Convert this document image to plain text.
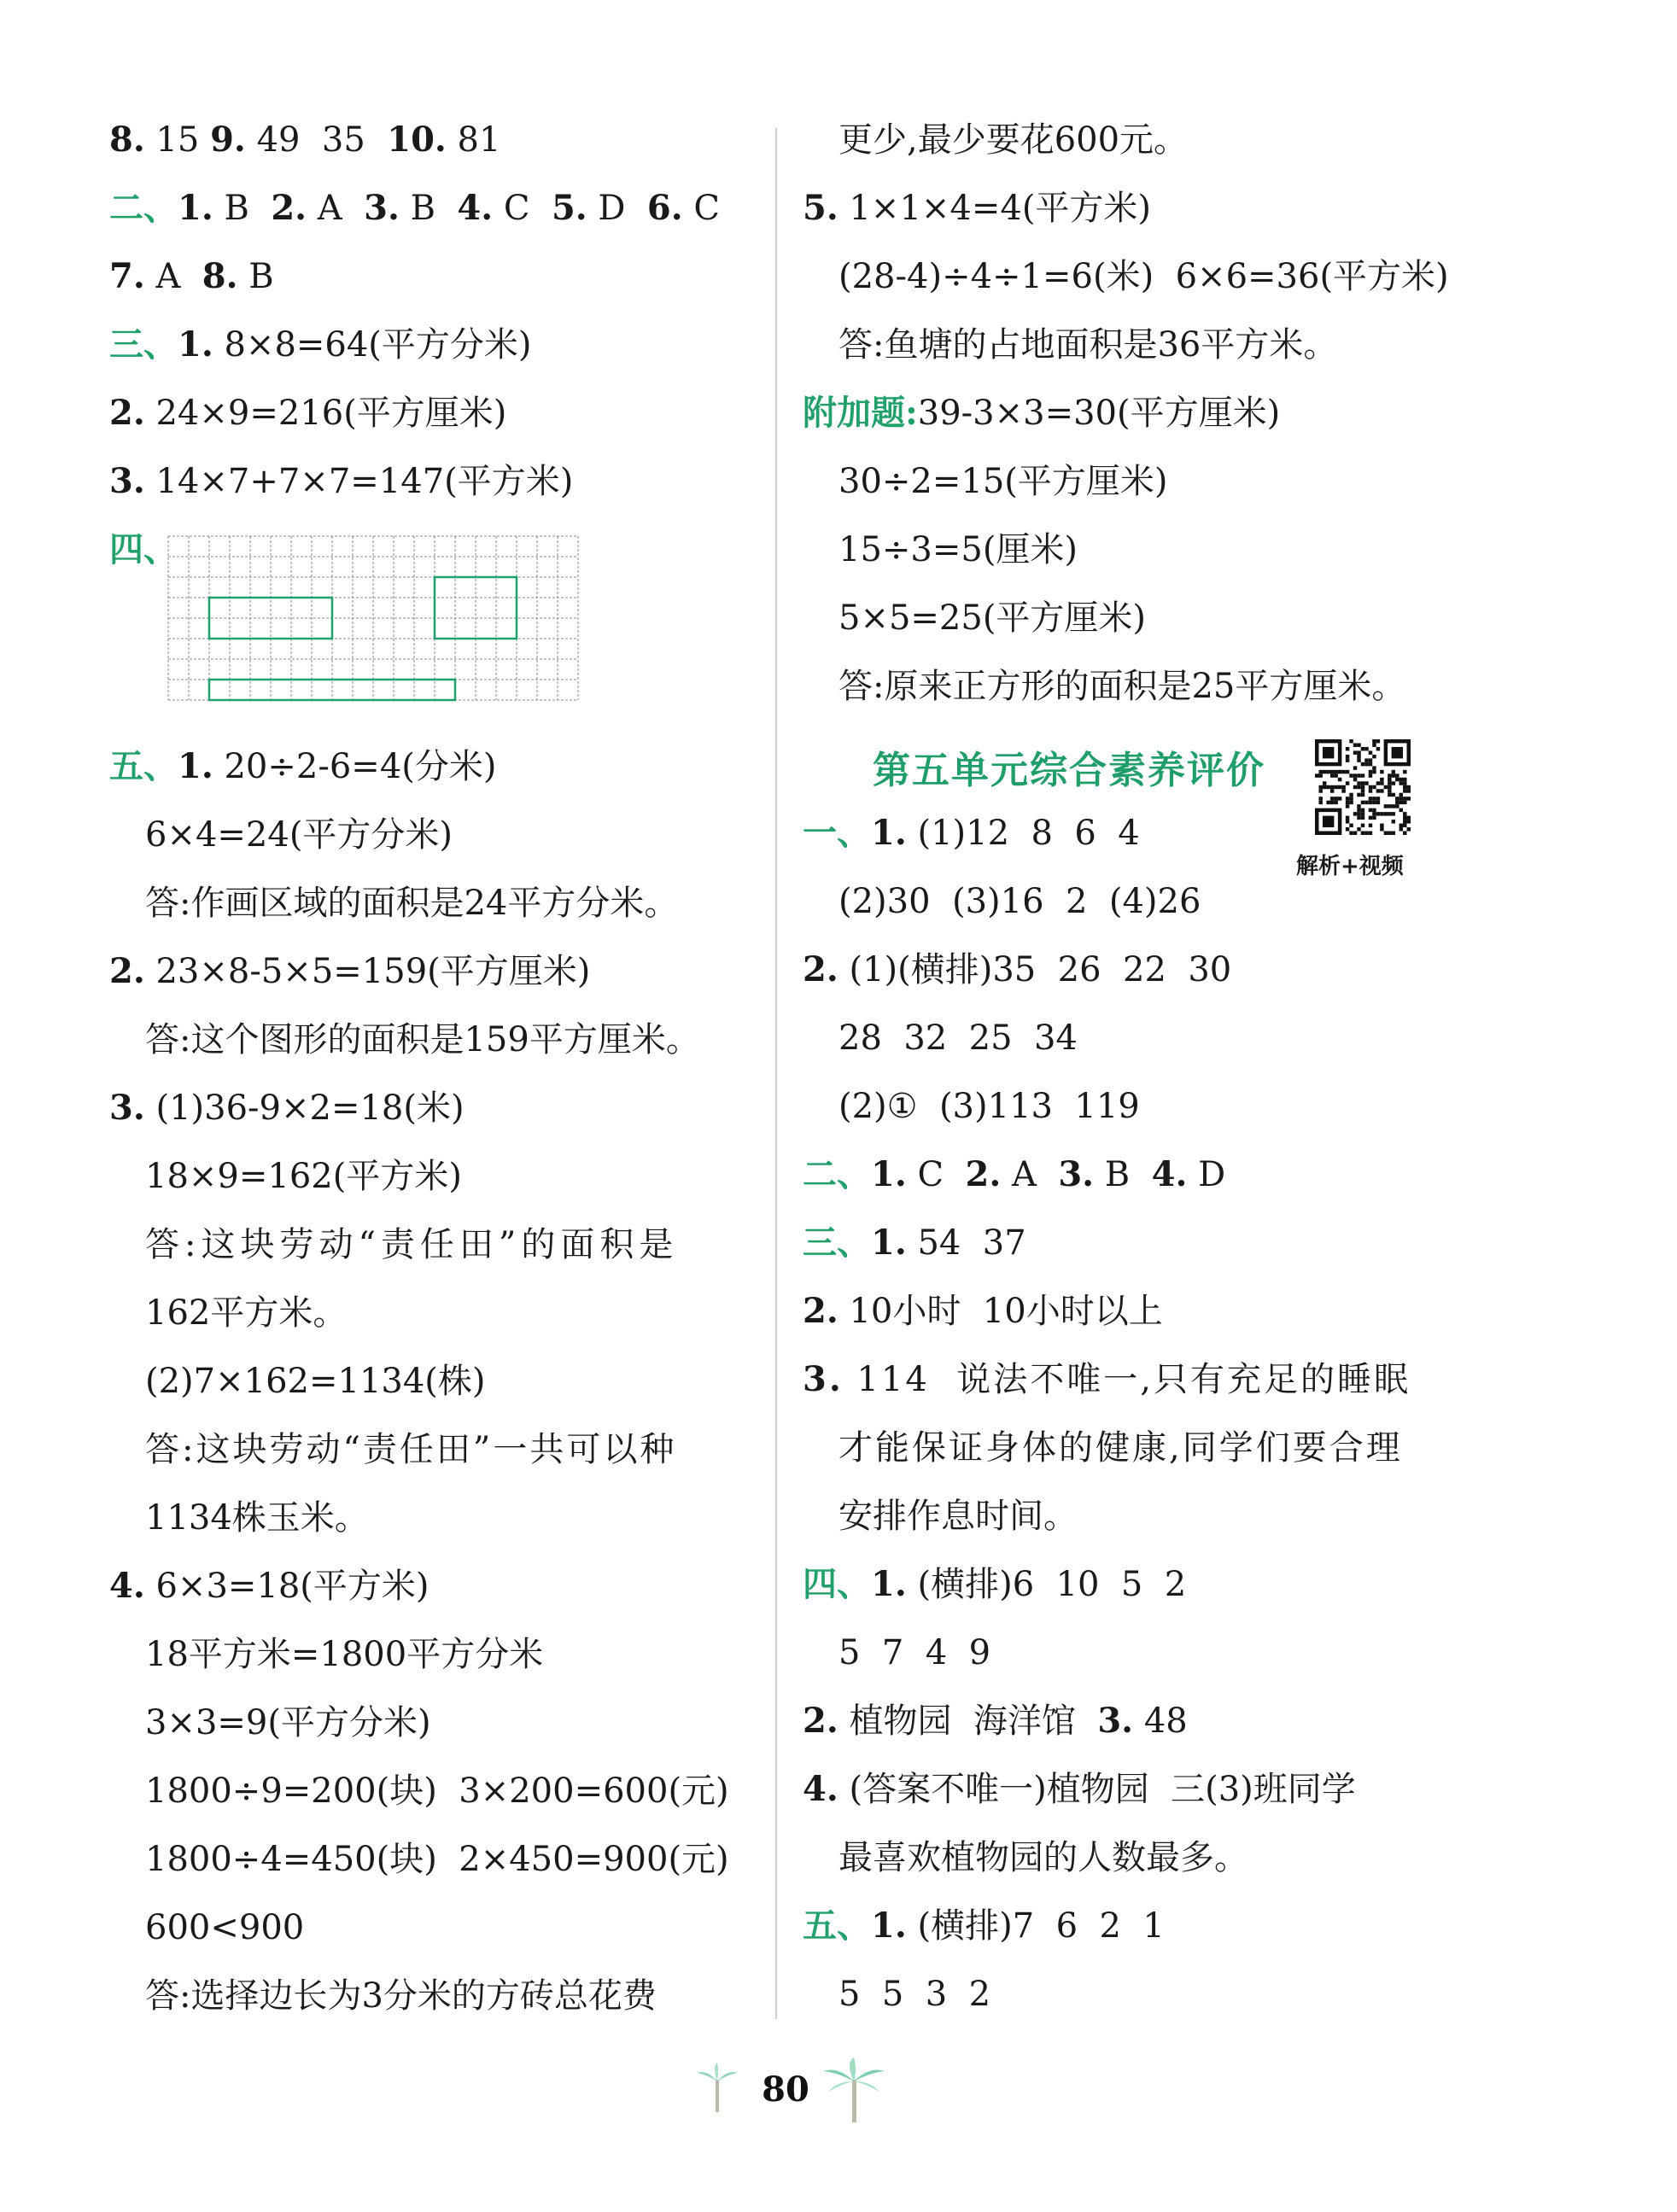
8. 15 9. 49  35  10. 81
二、1. B  2. A  3. B  4. C  5. D  6. C
7. A  8. B
三、1. 8×8=64(平方分米)
2. 24×9=216(平方厘米)
3. 14×7+7×7=147(平方米)
四、
五、1. 20÷2-6=4(分米)
6×4=24(平方分米)
答:作画区域的面积是24平方分米。
2. 23×8-5×5=159(平方厘米)
答:这个图形的面积是159平方厘米。
3. (1)36-9×2=18(米)
18×9=162(平方米)
答:这块劳动“责任田”的面积是
162平方米。
(2)7×162=1134(株)
答:这块劳动“责任田”一共可以种
1134株玉米。
4. 6×3=18(平方米)
18平方米=1800平方分米
3×3=9(平方分米)
1800÷9=200(块)  3×200=600(元)
1800÷4=450(块)  2×450=900(元)
600<900
答:选择边长为3分米的方砖总花费
更少,最少要花600元。
5. 1×1×4=4(平方米)
(28-4)÷4÷1=6(米)  6×6=36(平方米)
答:鱼塘的占地面积是36平方米。
附加题:39-3×3=30(平方厘米)
30÷2=15(平方厘米)
15÷3=5(厘米)
5×5=25(平方厘米)
答:原来正方形的面积是25平方厘米。
第五单元综合素养评价
解析+视频
一、1. (1)12  8  6  4
(2)30  (3)16  2  (4)26
2. (1)(横排)35  26  22  30
28  32  25  34
(2)①  (3)113  119
二、1. C  2. A  3. B  4. D
三、1. 54  37
2. 10小时  10小时以上
3. 114  说法不唯一,只有充足的睡眠
才能保证身体的健康,同学们要合理
安排作息时间。
四、1. (横排)6  10  5  2
5  7  4  9
2. 植物园  海洋馆  3. 48
4. (答案不唯一)植物园  三(3)班同学
最喜欢植物园的人数最多。
五、1. (横排)7  6  2  1
5  5  3  2
80
